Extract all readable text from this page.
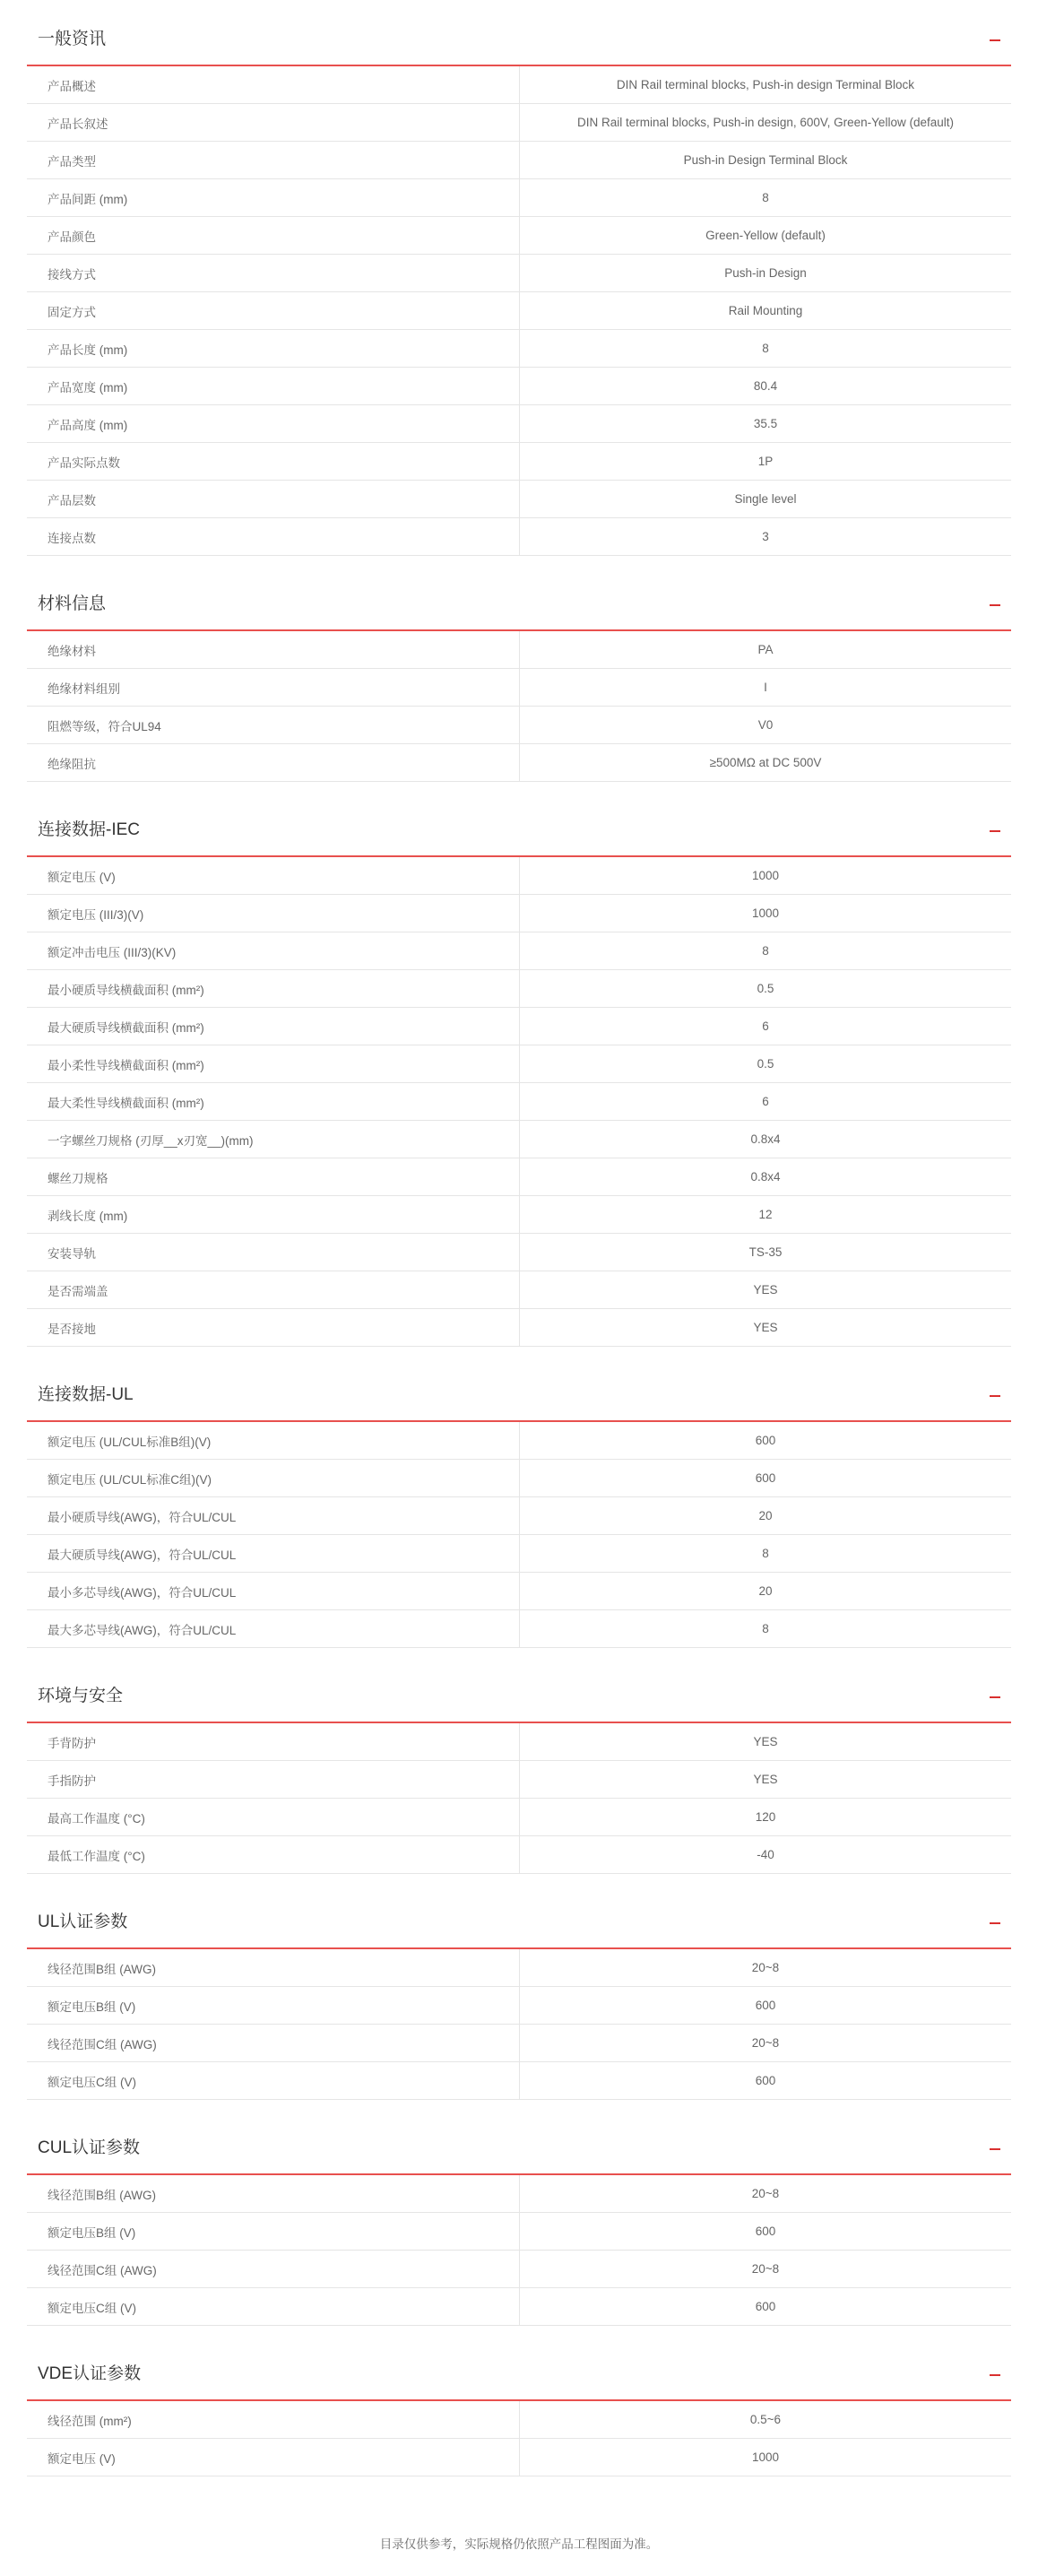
一般资讯
产品概述	DIN Rail terminal blocks, Push-in design Terminal Block
产品长叙述	DIN Rail terminal blocks, Push-in design, 600V, Green-Yellow (default)
产品类型	Push-in Design Terminal Block
产品间距 (mm)	8
产品颜色	Green-Yellow (default)
接线方式	Push-in Design
固定方式	Rail Mounting
产品长度 (mm)	8
产品宽度 (mm)	80.4
产品高度 (mm)	35.5
产品实际点数	1P
产品层数	Single level
连接点数	3
材料信息
绝缘材料	PA
绝缘材料组别	I
阻燃等级，符合UL94	V0
绝缘阻抗	≥500MΩ at DC 500V
连接数据-IEC
额定电压 (V)	1000
额定电压 (III/3)(V)	1000
额定冲击电压 (III/3)(KV)	8
最小硬质导线横截面积 (mm²)	0.5
最大硬质导线横截面积 (mm²)	6
最小柔性导线横截面积 (mm²)	0.5
最大柔性导线横截面积 (mm²)	6
一字螺丝刀规格 (刃厚__x刃宽__)(mm)	0.8x4
螺丝刀规格	0.8x4
剥线长度 (mm)	12
安装导轨	TS-35
是否需端盖	YES
是否接地	YES
连接数据-UL
额定电压 (UL/CUL标准B组)(V)	600
额定电压 (UL/CUL标准C组)(V)	600
最小硬质导线(AWG)，符合UL/CUL	20
最大硬质导线(AWG)，符合UL/CUL	8
最小多芯导线(AWG)，符合UL/CUL	20
最大多芯导线(AWG)，符合UL/CUL	8
环境与安全
手背防护	YES
手指防护	YES
最高工作温度 (°C)	120
最低工作温度 (°C)	-40
UL认证参数
线径范围B组 (AWG)	20~8
额定电压B组 (V)	600
线径范围C组 (AWG)	20~8
额定电压C组 (V)	600
CUL认证参数
线径范围B组 (AWG)	20~8
额定电压B组 (V)	600
线径范围C组 (AWG)	20~8
额定电压C组 (V)	600
VDE认证参数
线径范围 (mm²)	0.5~6
额定电压 (V)	1000
目录仅供参考，实际规格仍依照产品工程图面为准。
